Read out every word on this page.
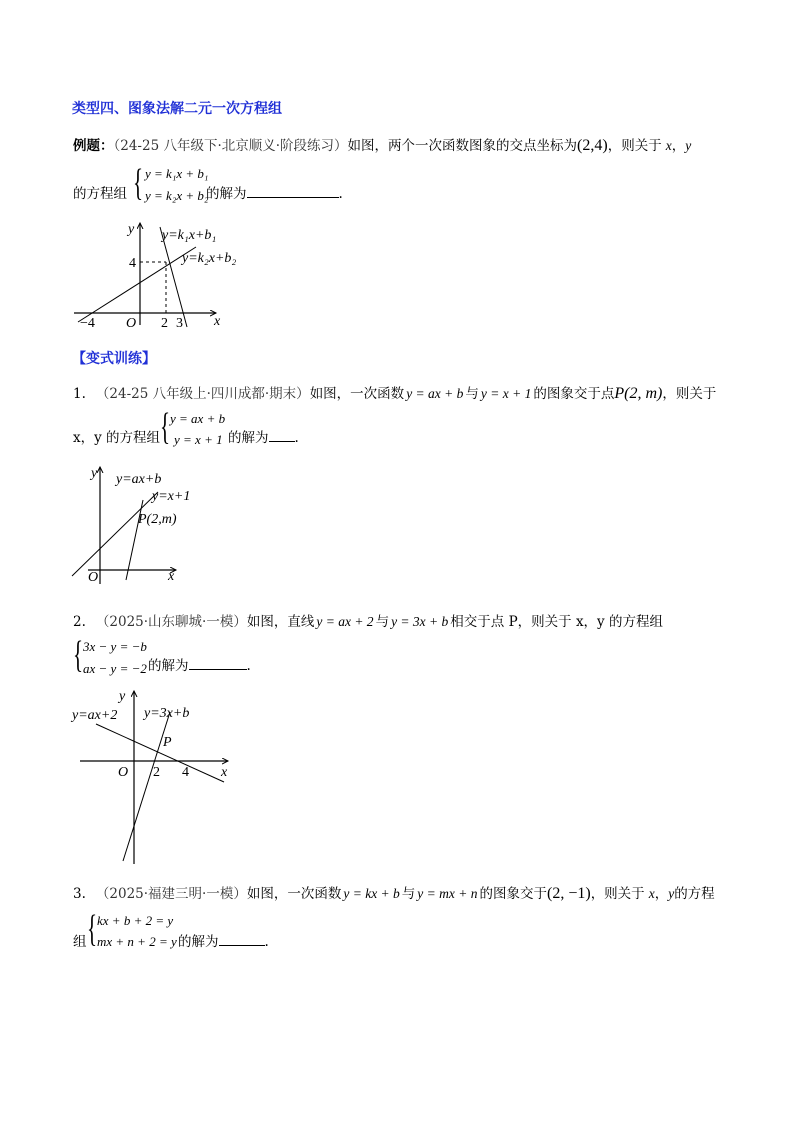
类型四、图象法解二元一次方程组
例题：（24-25 八年级下·北京顺义·阶段练习）如图，两个一次函数图象的交点坐标为(2,4)，则关于 x，y
的方程组 { y = k₁x + b₁
y = k₂x + b₂
的解为	.
y
x
O
4
−4	2 3
y=k₁x+b₁
y=k₂x+b₂
【变式训练】
1. （24-25 八年级上·四川成都·期末）如图，一次函数 y = ax + b 与 y = x + 1 的图象交于点P(2, m)，则关于
x，y 的方程组 { y = ax + b
y = x + 1 的解为 .
y
x
O
y=ax+b
y=x+1
P(2,m)
2. （2025·山东聊城·一模）如图，直线 y = ax + 2 与 y = 3x + b 相交于点 P，则关于 x，y 的方程组
{ 3x − y = −b
ax − y = −2 的解为	.
y
x
O 2 4
P
y=ax+2 y=3x+b
3. （2025·福建三明·一模）如图，一次函数 y = kx + b 与 y = mx + n 的图象交于(2, −1)，则关于 x，y的方程
组 { kx + b + 2 = y
mx + n + 2 = y 的解为	.
